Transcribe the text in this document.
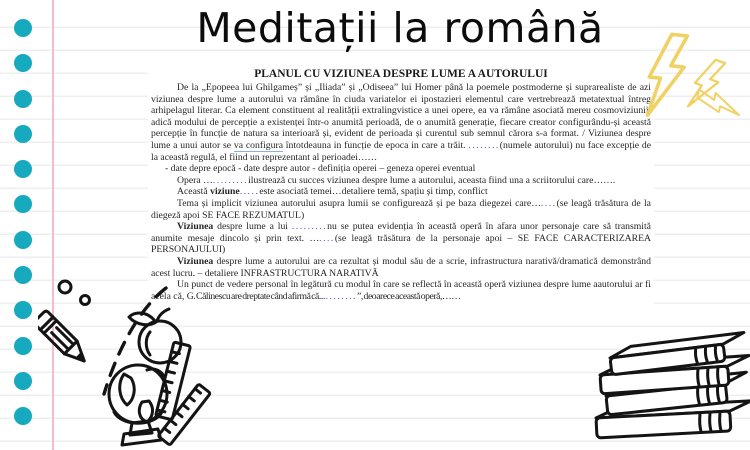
Meditații la română
PLANUL CU VIZIUNEA DESPRE LUME A AUTORULUI

De la „Epopeea lui Ghilgameș” și „Iliada” și „Odiseea” lui Homer până la poemele postmoderne și suprarealiste de azi viziunea despre lume a autorului va rămâne în ciuda variatelor ei ipostazieri elementul care vertrebrează metatextual întreg arhipelagul literar. Ca element constituent al realității extralingvistice a unei opere, ea va rămâne asociată mereu cosmoviziunii, adică modului de percepție a existenței într-o anumită perioadă, de o anumită generație, fiecare creator configurându-și această percepție în funcție de natura sa interioară și, evident de perioada și curentul sub semnul cărora s-a format. / Viziunea despre lume a unui autor se va configura întotdeauna in funcție de epoca in care a trăit. ........(numele autorului) nu face excepție de la această regulă, el fiind un reprezentant al perioadei……

- date depre epocă - date despre autor - definiția operei – geneza operei eventual

Opera ….........ilustrează cu succes viziunea despre lume a autorului, aceasta fiind una a scriitorului care…….

Această viziune.....este asociată temei…detaliere temă, spațiu și timp, conflict

Tema și implicit viziunea autorului asupra lumii se configurează și pe baza diegezei care…....(se leagă trăsătura de la diegeză apoi SE FACE REZUMATUL)

Viziunea despre lume a lui .........nu se putea evidenția în această operă în afara unor personaje care să transmită anumite mesaje dincolo și prin text. …....(se leagă trăsătura de la personaje apoi – SE FACE CARACTERIZAREA PERSONAJULUI)

Viziunea despre lume a autorului are ca rezultat și modul său de a scrie, infrastructura narativă/dramatică demonstrând acest lucru. – detaliere INFRASTRUCTURA NARATIVĂ

Un punct de vedere personal în legătură cu modul în care se reflectă în această operă viziunea despre lume aautorului ar fi acela că, G. Călinescu are dreptate când afirmă că... ........”, deoarece această operă,……
